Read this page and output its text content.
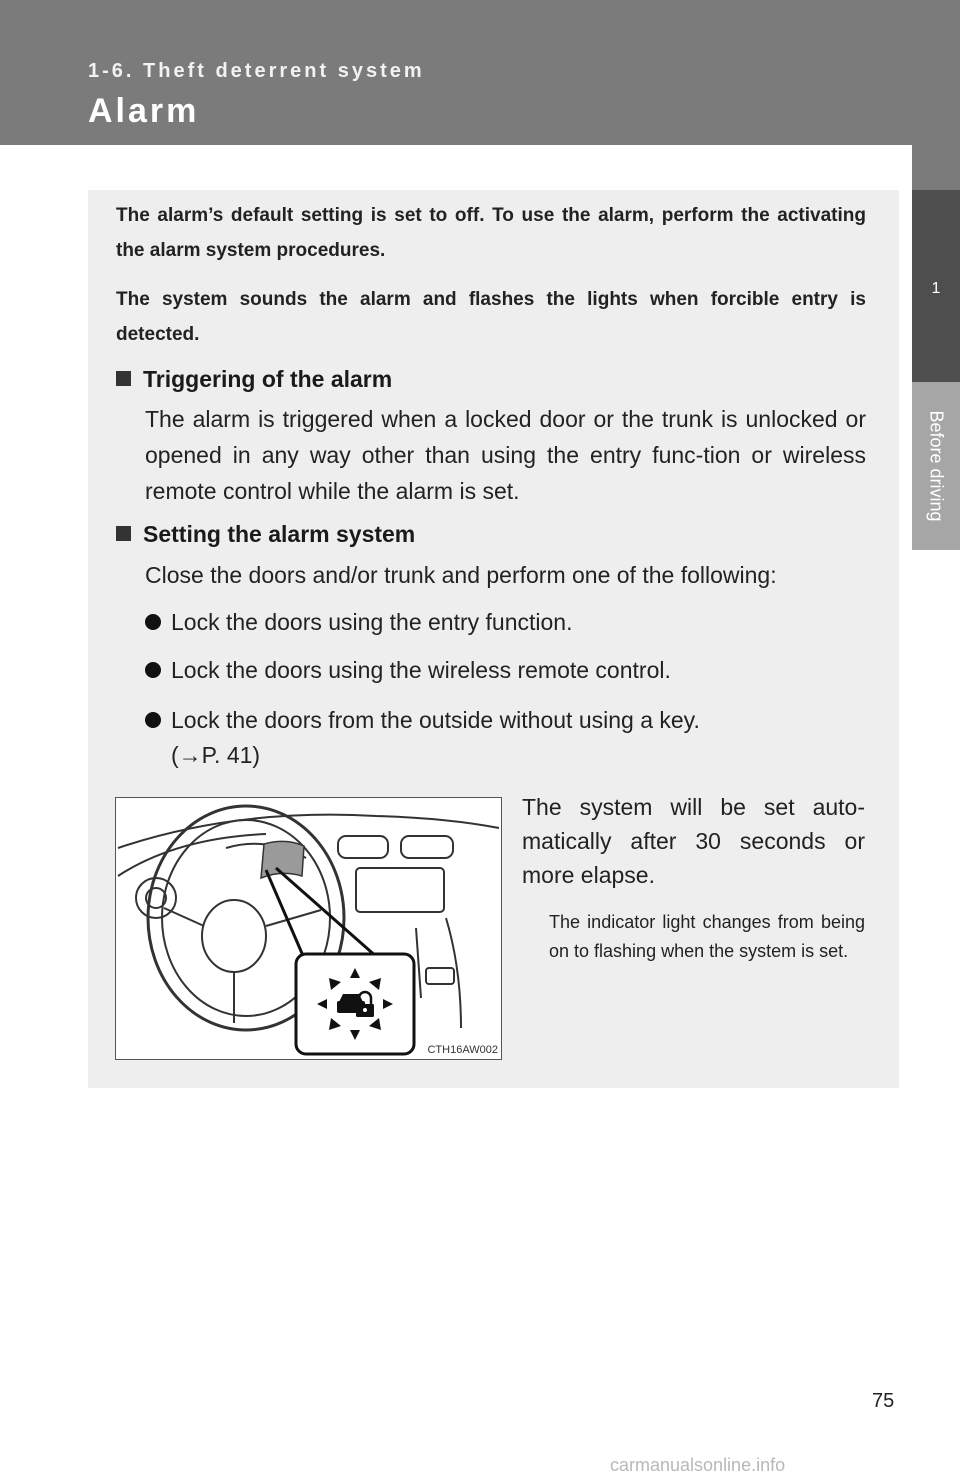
1-6. Theft deterrent system
Alarm
1
Before driving
The alarm’s default setting is set to off. To use the alarm, perform the activating the alarm system procedures.
The system sounds the alarm and flashes the lights when forcible entry is detected.
Triggering of the alarm
The alarm is triggered when a locked door or the trunk is unlocked or opened in any way other than using the entry func-tion or wireless remote control while the alarm is set.
Setting the alarm system
Close the doors and/or trunk and perform one of the following:
Lock the doors using the entry function.
Lock the doors using the wireless remote control.
Lock the doors from the outside without using a key.
(→P. 41)
CTH16AW002
The system will be set auto-matically after 30 seconds or more elapse.
The indicator light changes from being on to flashing when the system is set.
75
carmanualsonline.info
